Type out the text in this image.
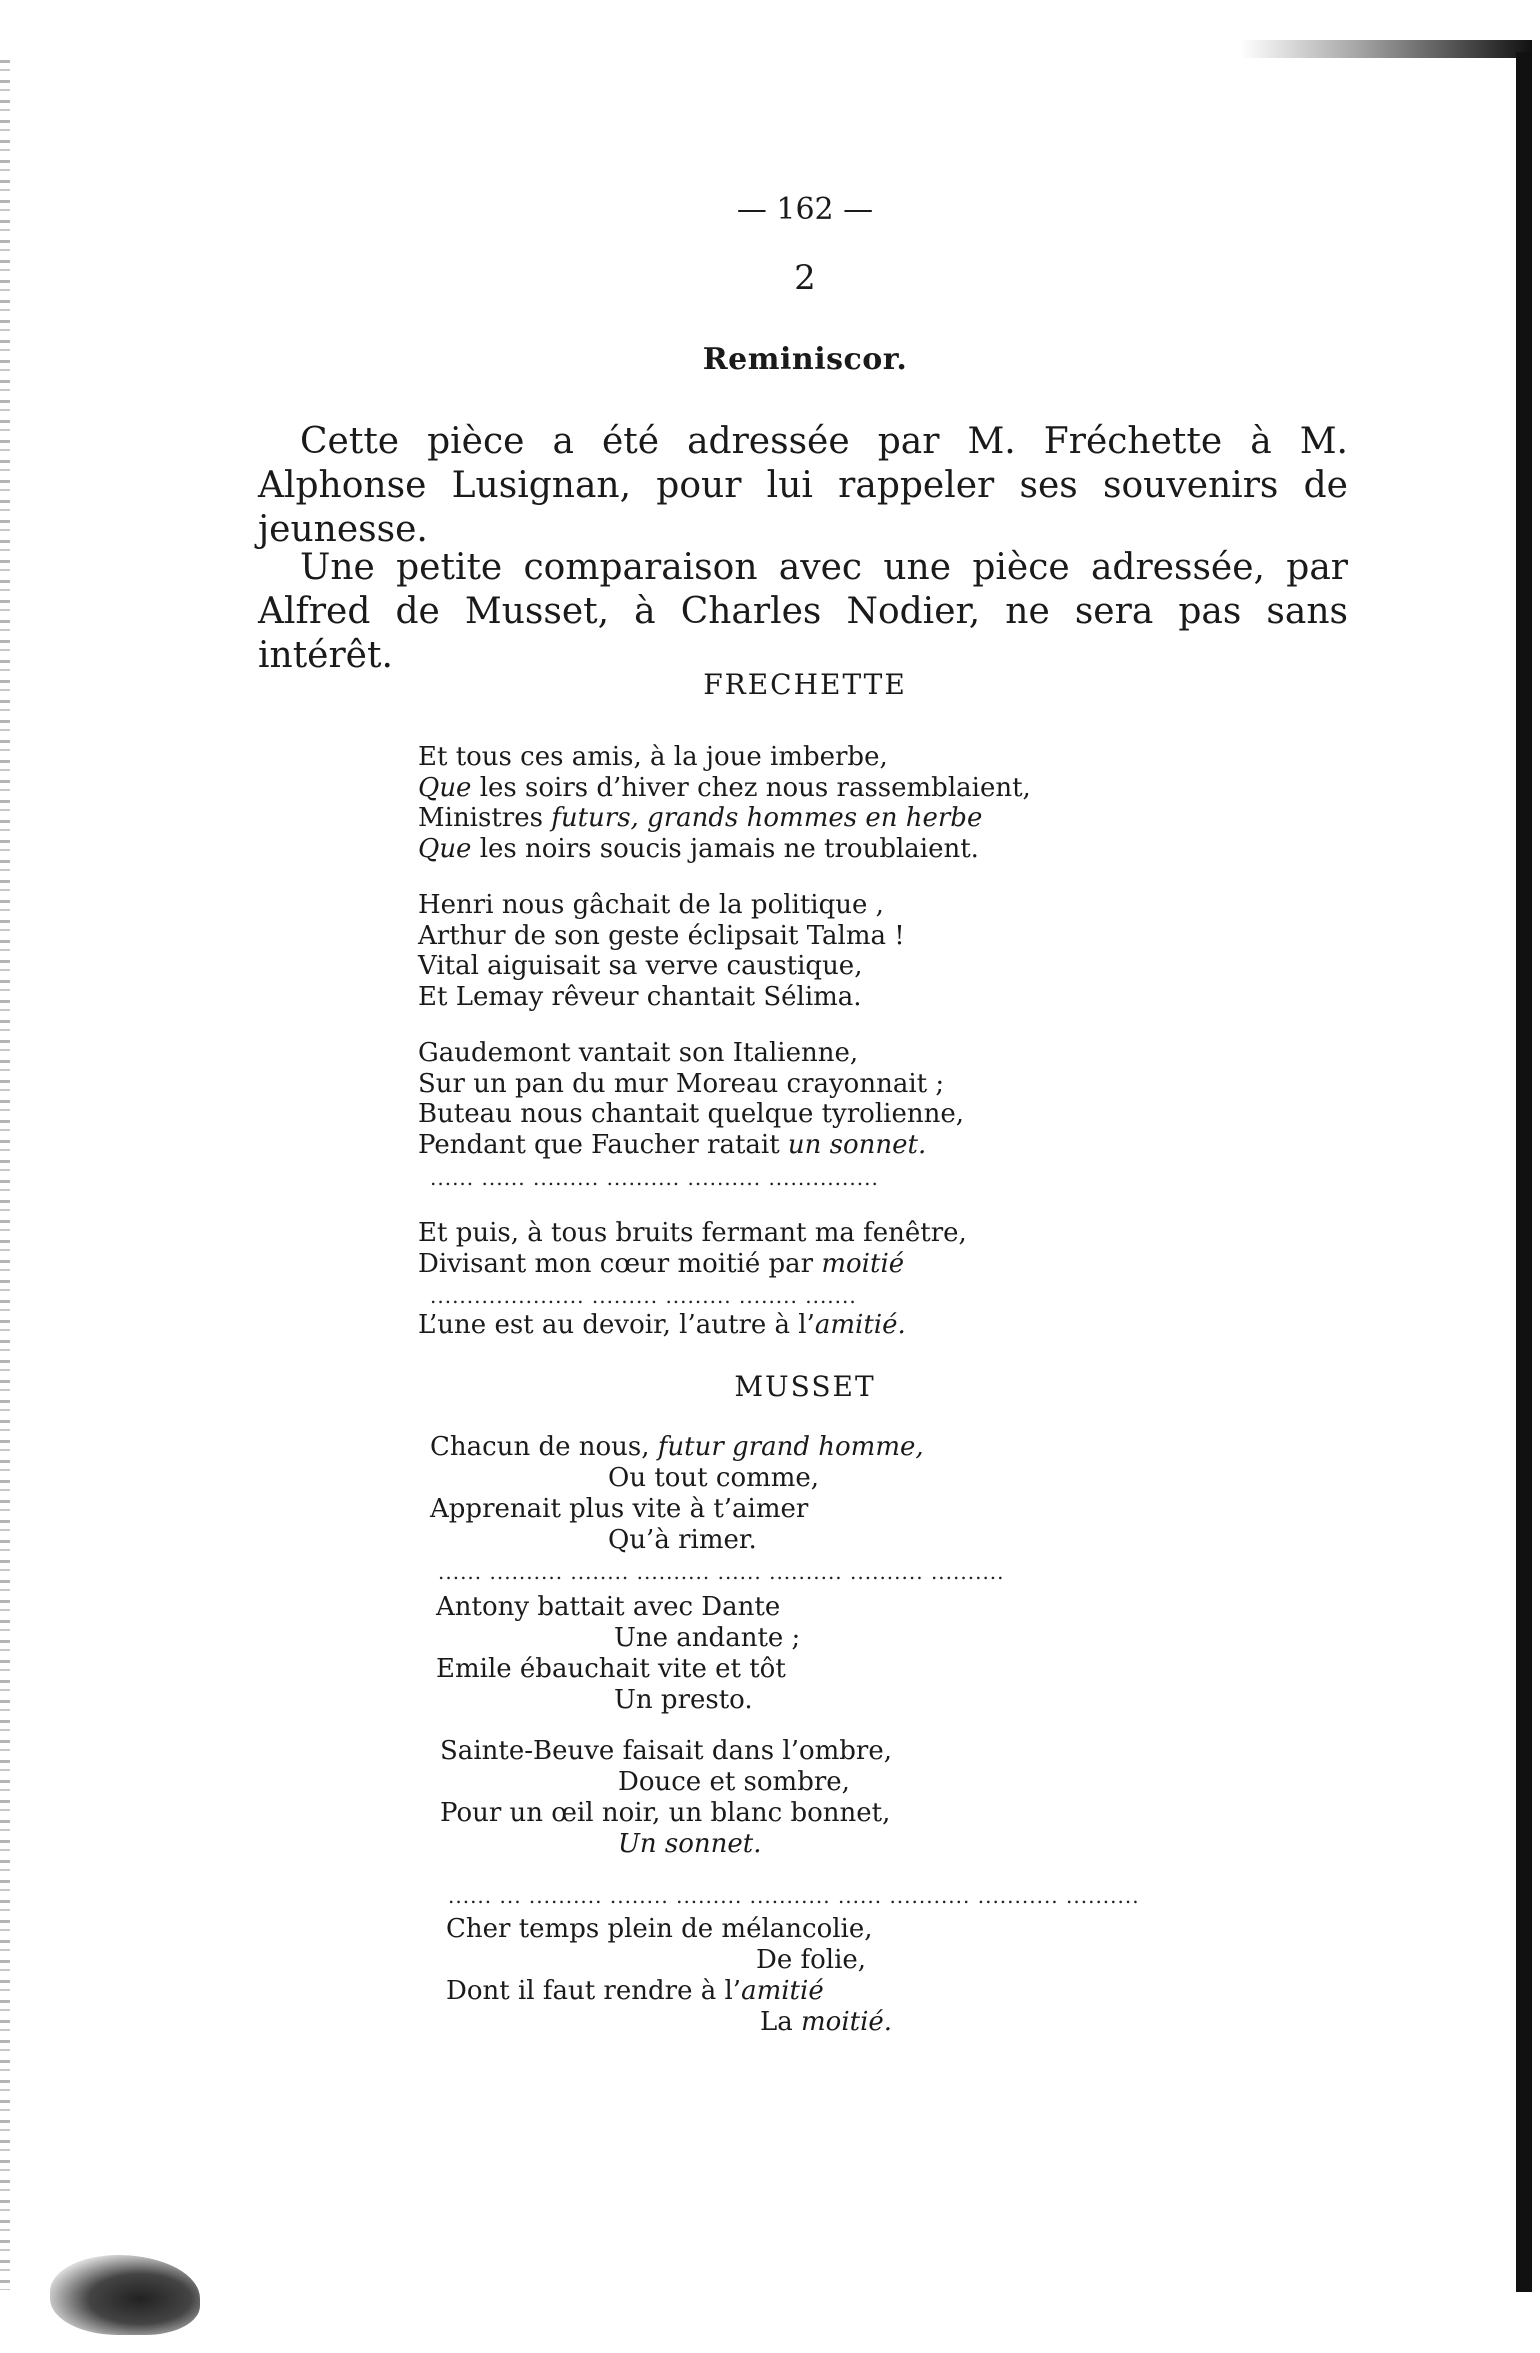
— 162 —
2
Reminiscor.

Cette pièce a été adressée par M. Fréchette à M. Alphonse Lusignan, pour lui rappeler ses souvenirs de jeunesse.

Une petite comparaison avec une pièce adressée, par Alfred de Musset, à Charles Nodier, ne sera pas sans intérêt.

FRECHETTE
Et tous ces amis, à la joue imberbe,
Que les soirs d’hiver chez nous rassemblaient,
Ministres futurs, grands hommes en herbe
Que les noirs soucis jamais ne troublaient.
Henri nous gâchait de la politique ,
Arthur de son geste éclipsait Talma !
Vital aiguisait sa verve caustique,
Et Lemay rêveur chantait Sélima.
Gaudemont vantait son Italienne,
Sur un pan du mur Moreau crayonnait ;
Buteau nous chantait quelque tyrolienne,
Pendant que Faucher ratait un sonnet.
...... ...... ......... .......... .......... ...............
Et puis, à tous bruits fermant ma fenêtre,
Divisant mon cœur moitié par moitié
..................... ......... ......... ........ .......
L’une est au devoir, l’autre à l’amitié.
MUSSET
Chacun de nous, futur grand homme,
Ou tout comme,
Apprenait plus vite à t’aimer
Qu’à rimer.
...... .......... ........ .......... ...... .......... .......... ..........
Antony battait avec Dante
Une andante ;
Emile ébauchait vite et tôt
Un presto.
Sainte-Beuve faisait dans l’ombre,
Douce et sombre,
Pour un œil noir, un blanc bonnet,
Un sonnet.
...... ... .......... ........ ......... ........... ...... ........... ........... ..........
Cher temps plein de mélancolie,
De folie,
Dont il faut rendre à l’amitié
La moitié.
